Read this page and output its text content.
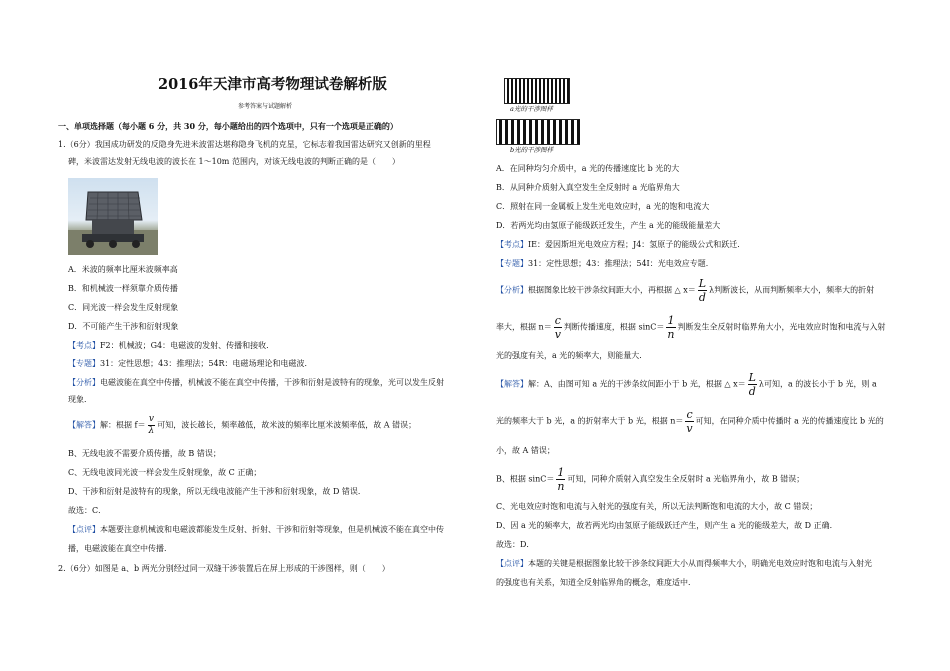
2016年天津市高考物理试卷解析版
参考答案与试题解析
一、单项选择题（每小题 6 分，共 30 分，每小题给出的四个选项中，只有一个选项是正确的）
1.（6分）我国成功研发的反隐身先进米波雷达堪称隐身飞机的克星，它标志着我国雷达研究又创新的里程
碑，米波雷达发射无线电波的波长在 1～10m 范围内，对该无线电波的判断正确的是（　　）
A．米波的频率比厘米波频率高
B．和机械波一样须靠介质传播
C．同光波一样会发生反射现象
D．不可能产生干涉和衍射现象
【考点】F2：机械波；G4：电磁波的发射、传播和接收．
【专题】31：定性思想；43：推理法；54R：电磁场理论和电磁波．
【分析】电磁波能在真空中传播，机械波不能在真空中传播，干涉和衍射是波特有的现象，光可以发生反射
现象．
【解答】解：根据 $f= \frac{v}{\lambda}$ 可知，波长越长，频率越低，故米波的频率比厘米波频率低，故 A 错误；
B、无线电波不需要介质传播，故 B 错误；
C、无线电波同光波一样会发生反射现象，故 C 正确；
D、干涉和衍射是波特有的现象，所以无线电波能产生干涉和衍射现象，故 D 错误．
故选：C．
【点评】本题要注意机械波和电磁波都能发生反射、折射、干涉和衍射等现象，但是机械波不能在真空中传
播，电磁波能在真空中传播．
2.（6分）如图是 a、b 两光分别经过同一双缝干涉装置后在屏上形成的干涉图样，则（　　）
a光的干涉图样
b光的干涉图样
A．在同种均匀介质中，a 光的传播速度比 b 光的大
B．从同种介质射入真空发生全反射时 a 光临界角大
C．照射在同一金属板上发生光电效应时，a 光的饱和电流大
D．若两光均由氢原子能级跃迁发生，产生 a 光的能级能量差大
【考点】IE：爱因斯坦光电效应方程；J4：氢原子的能级公式和跃迁．
【专题】31：定性思想；43：推理法；54I：光电效应专题．
【分析】根据图象比较干涉条纹间距大小，再根据 △ $x= \frac{L}{d}$ λ判断波长，从而判断频率大小，频率大的折射
率大，根据 $n= \frac{c}{v}$ 判断传播速度，根据 $\sin C= \frac{1}{n}$ 判断发生全反射时临界角大小，光电效应时饱和电流与入射
光的强度有关，a 光的频率大，则能量大．
【解答】解：A、由图可知 a 光的干涉条纹间距小于 b 光，根据 △ $x= \frac{L}{d}$ λ可知，a 的波长小于 b 光，则 a
光的频率大于 b 光，a 的折射率大于 b 光，根据 $n= \frac{c}{v}$ 可知，在同种介质中传播时 a 光的传播速度比 b 光的
小，故 A 错误；
B、根据 $\sin C= \frac{1}{n}$ 可知，同种介质射入真空发生全反射时 a 光临界角小，故 B 错误；
C、光电效应时饱和电流与入射光的强度有关，所以无法判断饱和电流的大小，故 C 错误；
D、因 a 光的频率大，故若两光均由氢原子能级跃迁产生，则产生 a 光的能级差大，故 D 正确．
故选：D．
【点评】本题的关键是根据图象比较干涉条纹间距大小从而得频率大小，明确光电效应时饱和电流与入射光
的强度也有关系，知道全反射临界角的概念，难度适中．
